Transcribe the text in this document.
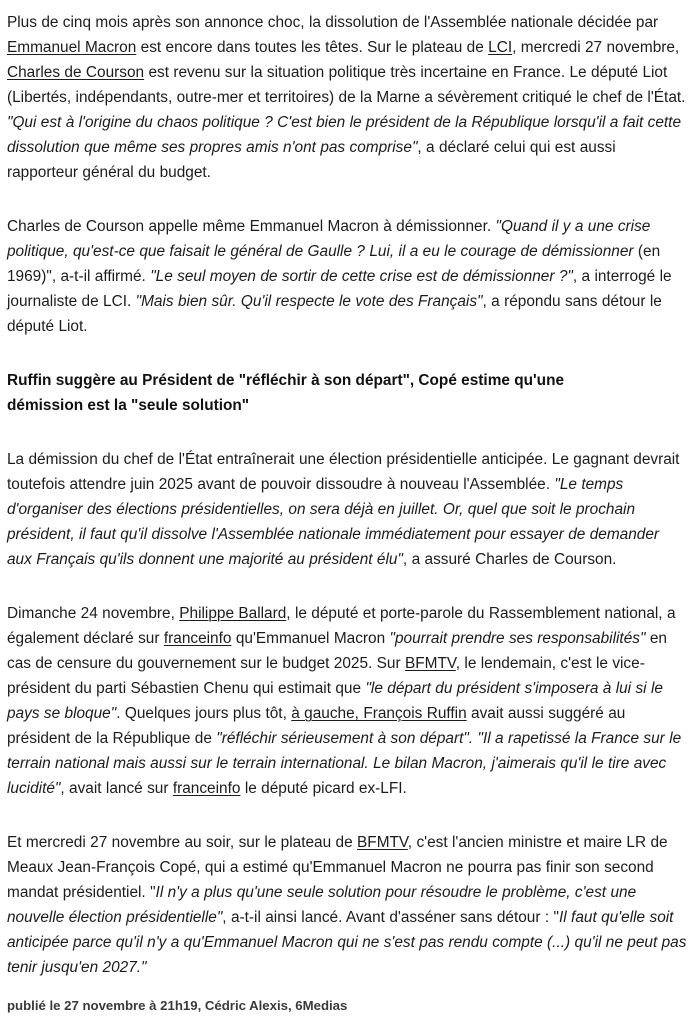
Plus de cinq mois après son annonce choc, la dissolution de l'Assemblée nationale décidée par Emmanuel Macron est encore dans toutes les têtes. Sur le plateau de LCI, mercredi 27 novembre, Charles de Courson est revenu sur la situation politique très incertaine en France. Le député Liot (Libertés, indépendants, outre-mer et territoires) de la Marne a sévèrement critiqué le chef de l'État. "Qui est à l'origine du chaos politique ? C'est bien le président de la République lorsqu'il a fait cette dissolution que même ses propres amis n'ont pas comprise", a déclaré celui qui est aussi rapporteur général du budget.

Charles de Courson appelle même Emmanuel Macron à démissionner. "Quand il y a une crise politique, qu'est-ce que faisait le général de Gaulle ? Lui, il a eu le courage de démissionner (en 1969)", a-t-il affirmé. "Le seul moyen de sortir de cette crise est de démissionner ?", a interrogé le journaliste de LCI. "Mais bien sûr. Qu'il respecte le vote des Français", a répondu sans détour le député Liot.

Ruffin suggère au Président de "réfléchir à son départ", Copé estime qu'une démission est la "seule solution"

La démission du chef de l'État entraînerait une élection présidentielle anticipée. Le gagnant devrait toutefois attendre juin 2025 avant de pouvoir dissoudre à nouveau l'Assemblée. "Le temps d'organiser des élections présidentielles, on sera déjà en juillet. Or, quel que soit le prochain président, il faut qu'il dissolve l'Assemblée nationale immédiatement pour essayer de demander aux Français qu'ils donnent une majorité au président élu", a assuré Charles de Courson.

Dimanche 24 novembre, Philippe Ballard, le député et porte-parole du Rassemblement national, a également déclaré sur franceinfo qu'Emmanuel Macron "pourrait prendre ses responsabilités" en cas de censure du gouvernement sur le budget 2025. Sur BFMTV, le lendemain, c'est le vice-président du parti Sébastien Chenu qui estimait que "le départ du président s'imposera à lui si le pays se bloque". Quelques jours plus tôt, à gauche, François Ruffin avait aussi suggéré au président de la République de "réfléchir sérieusement à son départ". "Il a rapetissé la France sur le terrain national mais aussi sur le terrain international. Le bilan Macron, j'aimerais qu'il le tire avec lucidité", avait lancé sur franceinfo le député picard ex-LFI.

Et mercredi 27 novembre au soir, sur le plateau de BFMTV, c'est l'ancien ministre et maire LR de Meaux Jean-François Copé, qui a estimé qu'Emmanuel Macron ne pourra pas finir son second mandat présidentiel. "Il n'y a plus qu'une seule solution pour résoudre le problème, c'est une nouvelle élection présidentielle", a-t-il ainsi lancé. Avant d'asséner sans détour : "Il faut qu'elle soit anticipée parce qu'il n'y a qu'Emmanuel Macron qui ne s'est pas rendu compte (...) qu'il ne peut pas tenir jusqu'en 2027."

publié le 27 novembre à 21h19, Cédric Alexis, 6Medias
